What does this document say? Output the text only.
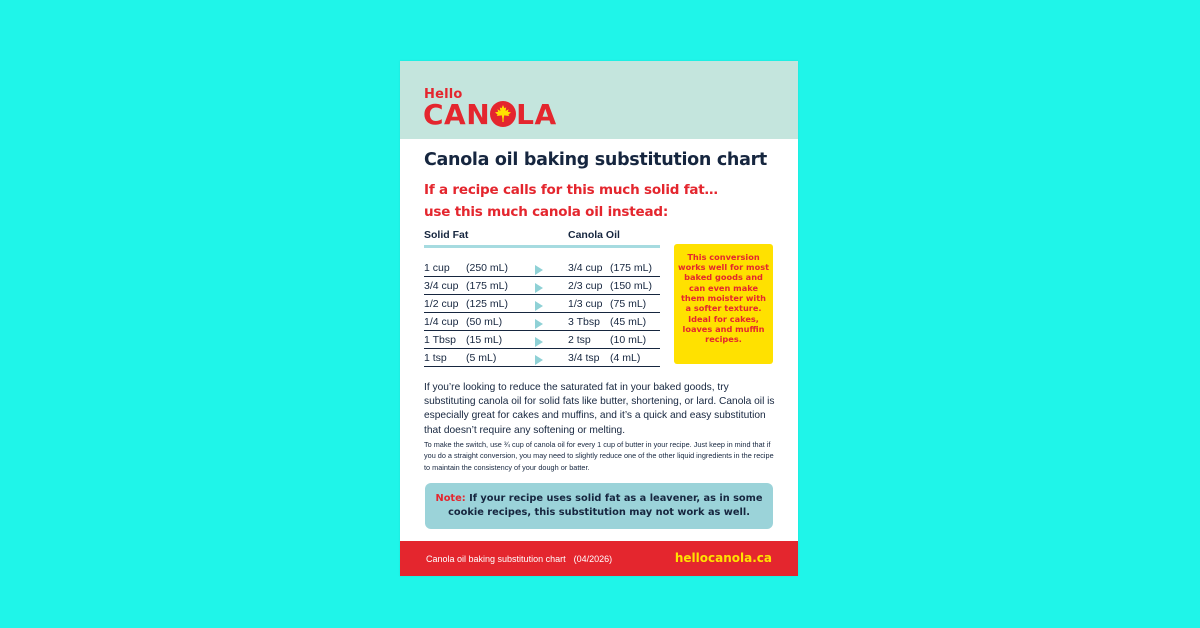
Hello
CAN LA
Canola oil baking substitution chart
If a recipe calls for this much solid fat…
use this much canola oil instead:
Solid Fat	Canola Oil
1 cup (250 mL)	3/4 cup (175 mL)
3/4 cup (175 mL)	2/3 cup (150 mL)
1/2 cup (125 mL)	1/3 cup (75 mL)
1/4 cup (50 mL)	3 Tbsp (45 mL)
1 Tbsp (15 mL)	2 tsp (10 mL)
1 tsp (5 mL)	3/4 tsp (4 mL)

This conversion works well for most baked goods and can even make them moister with a softer texture.

Ideal for cakes, loaves and muffin recipes.

If you’re looking to reduce the saturated fat in your baked goods, try substituting canola oil for solid fats like butter, shortening, or lard. Canola oil is especially great for cakes and muffins, and it’s a quick and easy substitution that doesn’t require any softening or melting.

To make the switch, use ¾ cup of canola oil for every 1 cup of butter in your recipe. Just keep in mind that if you do a straight conversion, you may need to slightly reduce one of the other liquid ingredients in the recipe to maintain the consistency of your dough or batter.

Note: If your recipe uses solid fat as a leavener, as in some cookie recipes, this substitution may not work as well.

Canola oil baking substitution chart (04/2026)	hellocanola.ca
